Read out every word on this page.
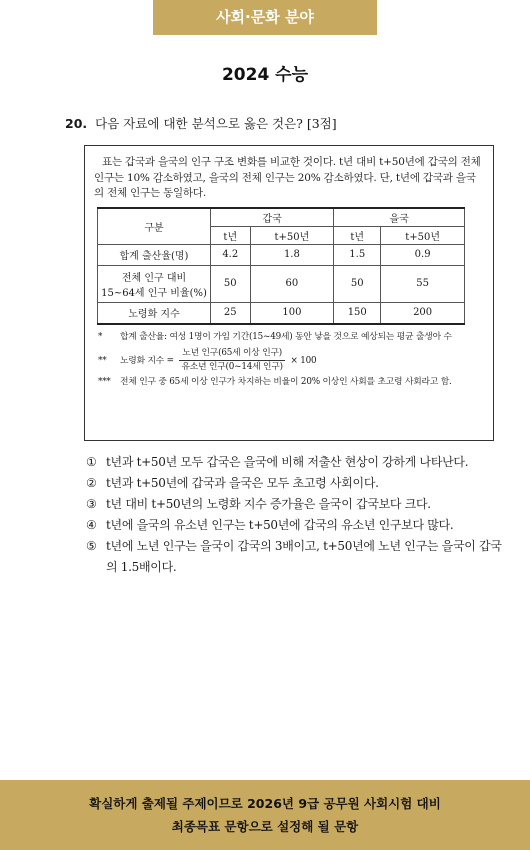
사회·문화 분야
2024 수능
20. 다음 자료에 대한 분석으로 옳은 것은? [3점]

표는 갑국과 을국의 인구 구조 변화를 비교한 것이다. t년 대비 t+50년에 갑국의 전체 인구는 10% 감소하였고, 을국의 전체 인구는 20% 감소하였다. 단, t년에 갑국과 을국의 전체 인구는 동일하다.

구분	갑국		을국	
	t년	t+50년	t년	t+50년
합계 출산율(명)	4.2	1.8	1.5	0.9

전체 인구 대비
15~64세 인구 비율(%)	50	60	50	55
노령화 지수	25	100	150	200
* 합계 출산율: 여성 1명이 가임 기간(15~49세) 동안 낳을 것으로 예상되는 평균 출생아 수
** 노령화 지수 = $\frac{\text{노년 인구(65세 이상 인구)}}{\text{유소년 인구(0\textasciitilde{}14세 인구)}} \times 100$
*** 전체 인구 중 65세 이상 인구가 차지하는 비율이 20% 이상인 사회를 초고령 사회라고 함.
① t년과 t+50년 모두 갑국은 을국에 비해 저출산 현상이 강하게 나타난다.
② t년과 t+50년에 갑국과 을국은 모두 초고령 사회이다.
③ t년 대비 t+50년의 노령화 지수 증가율은 을국이 갑국보다 크다.
④ t년에 을국의 유소년 인구는 t+50년에 갑국의 유소년 인구보다 많다.
⑤ t년에 노년 인구는 을국이 갑국의 3배이고, t+50년에 노년 인구는 을국이 갑국의 1.5배이다.
확실하게 출제될 주제이므로 2026년 9급 공무원 사회시험 대비
최종목표 문항으로 설정해 될 문항
